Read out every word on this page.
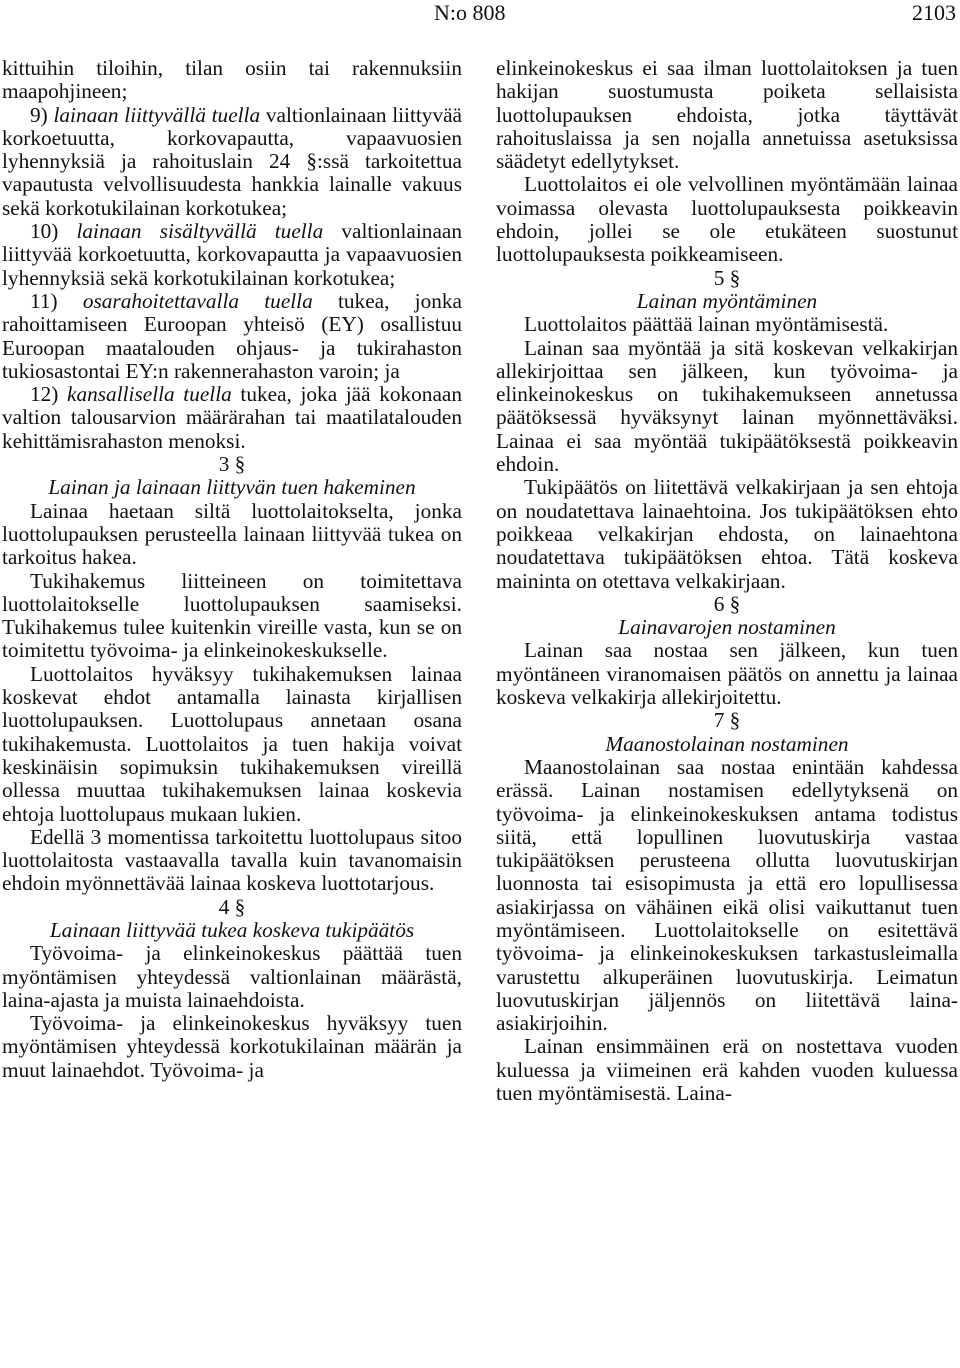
N:o 808	2103

kittuihin tiloihin, tilan osiin tai rakennuksiin maapohjineen;

9) lainaan liittyvällä tuella valtionlainaan liittyvää korkoetuutta, korkovapautta, vapaavuosien lyhennyksiä ja rahoituslain 24 §:ssä tarkoitettua vapautusta velvollisuudesta hankkia lainalle vakuus sekä korkotukilainan korkotukea;

10) lainaan sisältyvällä tuella valtionlainaan liittyvää korkoetuutta, korkovapautta ja vapaavuosien lyhennyksiä sekä korkotukilainan korkotukea;

11) osarahoitettavalla tuella tukea, jonka rahoittamiseen Euroopan yhteisö (EY) osallistuu Euroopan maatalouden ohjaus- ja tukirahaston tukiosastontai EY:n rakennerahaston varoin; ja

12) kansallisella tuella tukea, joka jää kokonaan valtion talousarvion määrärahan tai maatilatalouden kehittämisrahaston menoksi.

3 §

Lainan ja lainaan liittyvän tuen hakeminen

Lainaa haetaan siltä luottolaitokselta, jonka luottolupauksen perusteella lainaan liittyvää tukea on tarkoitus hakea.

Tukihakemus liitteineen on toimitettava luottolaitokselle luottolupauksen saamiseksi. Tukihakemus tulee kuitenkin vireille vasta, kun se on toimitettu työvoima- ja elinkeinokeskukselle.

Luottolaitos hyväksyy tukihakemuksen lainaa koskevat ehdot antamalla lainasta kirjallisen luottolupauksen. Luottolupaus annetaan osana tukihakemusta. Luottolaitos ja tuen hakija voivat keskinäisin sopimuksin tukihakemuksen vireillä ollessa muuttaa tukihakemuksen lainaa koskevia ehtoja luottolupaus mukaan lukien.

Edellä 3 momentissa tarkoitettu luottolupaus sitoo luottolaitosta vastaavalla tavalla kuin tavanomaisin ehdoin myönnettävää lainaa koskeva luottotarjous.

4 §

Lainaan liittyvää tukea koskeva tukipäätös

Työvoima- ja elinkeinokeskus päättää tuen myöntämisen yhteydessä valtionlainan määrästä, laina-ajasta ja muista lainaehdoista.

Työvoima- ja elinkeinokeskus hyväksyy tuen myöntämisen yhteydessä korkotukilainan määrän ja muut lainaehdot. Työvoima- ja

elinkeinokeskus ei saa ilman luottolaitoksen ja tuen hakijan suostumusta poiketa sellaisista luottolupauksen ehdoista, jotka täyttävät rahoituslaissa ja sen nojalla annetuissa asetuksissa säädetyt edellytykset.

Luottolaitos ei ole velvollinen myöntämään lainaa voimassa olevasta luottolupauksesta poikkeavin ehdoin, jollei se ole etukäteen suostunut luottolupauksesta poikkeamiseen.

5 §

Lainan myöntäminen

Luottolaitos päättää lainan myöntämisestä.

Lainan saa myöntää ja sitä koskevan velkakirjan allekirjoittaa sen jälkeen, kun työvoima- ja elinkeinokeskus on tukihakemukseen annetussa päätöksessä hyväksynyt lainan myönnettäväksi. Lainaa ei saa myöntää tukipäätöksestä poikkeavin ehdoin.

Tukipäätös on liitettävä velkakirjaan ja sen ehtoja on noudatettava lainaehtoina. Jos tukipäätöksen ehto poikkeaa velkakirjan ehdosta, on lainaehtona noudatettava tukipäätöksen ehtoa. Tätä koskeva maininta on otettava velkakirjaan.

6 §

Lainavarojen nostaminen

Lainan saa nostaa sen jälkeen, kun tuen myöntäneen viranomaisen päätös on annettu ja lainaa koskeva velkakirja allekirjoitettu.

7 §

Maanostolainan nostaminen

Maanostolainan saa nostaa enintään kahdessa erässä. Lainan nostamisen edellytyksenä on työvoima- ja elinkeinokeskuksen antama todistus siitä, että lopullinen luovutuskirja vastaa tukipäätöksen perusteena ollutta luovutuskirjan luonnosta tai esisopimusta ja että ero lopullisessa asiakirjassa on vähäinen eikä olisi vaikuttanut tuen myöntämiseen. Luottolaitokselle on esitettävä työvoima- ja elinkeinokeskuksen tarkastusleimalla varustettu alkuperäinen luovutuskirja. Leimatun luovutuskirjan jäljennös on liitettävä laina-asiakirjoihin.

Lainan ensimmäinen erä on nostettava vuoden kuluessa ja viimeinen erä kahden vuoden kuluessa tuen myöntämisestä. Laina-
